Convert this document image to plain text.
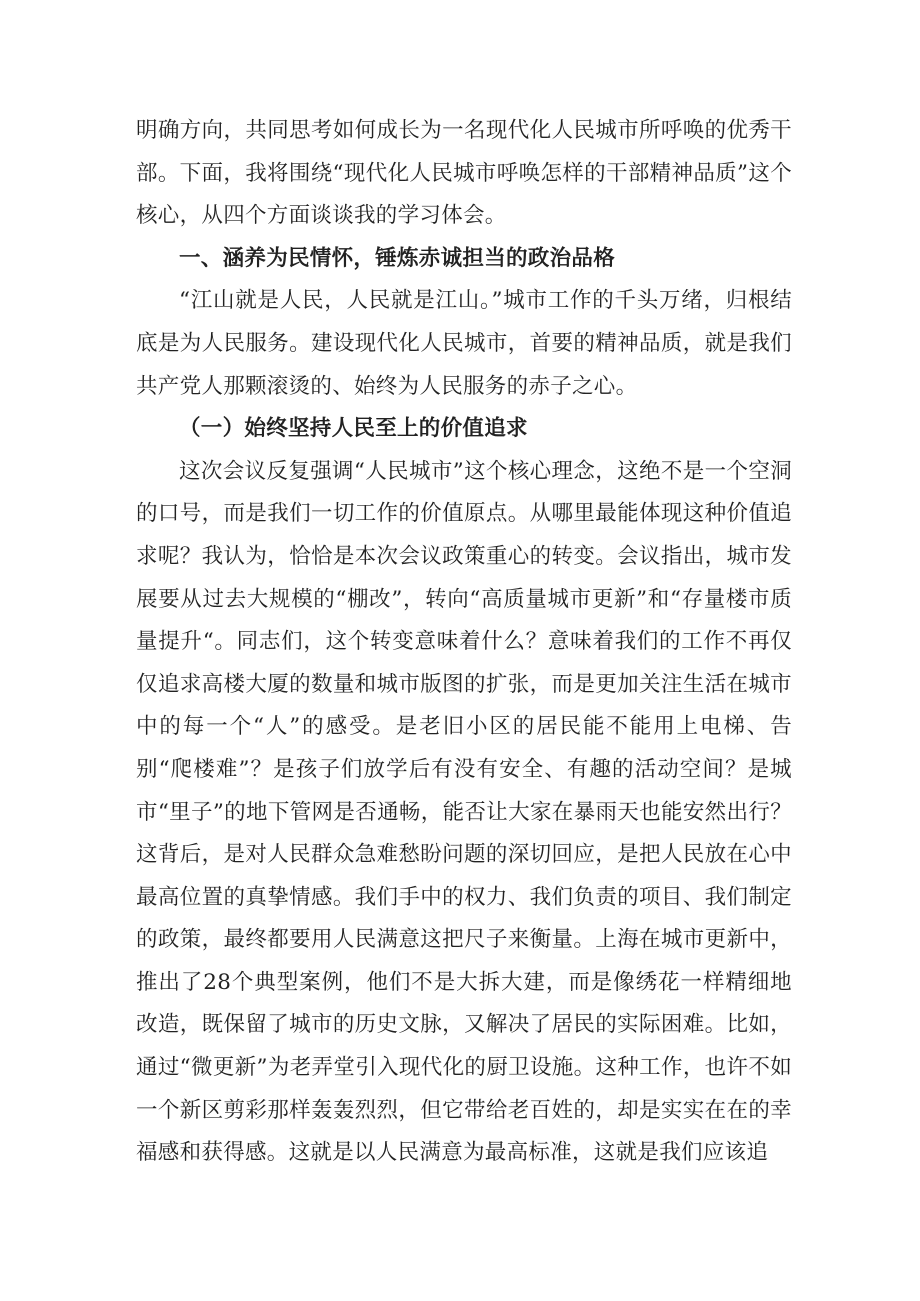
明确方向，共同思考如何成长为一名现代化人民城市所呼唤的优秀干部。下面，我将围绕“现代化人民城市呼唤怎样的干部精神品质”这个核心，从四个方面谈谈我的学习体会。

一、涵养为民情怀，锤炼赤诚担当的政治品格

“江山就是人民，人民就是江山。”城市工作的千头万绪，归根结底是为人民服务。建设现代化人民城市，首要的精神品质，就是我们共产党人那颗滚烫的、始终为人民服务的赤子之心。

（一）始终坚持人民至上的价值追求

这次会议反复强调“人民城市”这个核心理念，这绝不是一个空洞的口号，而是我们一切工作的价值原点。从哪里最能体现这种价值追求呢？我认为，恰恰是本次会议政策重心的转变。会议指出，城市发展要从过去大规模的“棚改”，转向“高质量城市更新”和“存量楼市质量提升“。同志们，这个转变意味着什么？意味着我们的工作不再仅仅追求高楼大厦的数量和城市版图的扩张，而是更加关注生活在城市中的每一个“人”的感受。是老旧小区的居民能不能用上电梯、告别“爬楼难”？是孩子们放学后有没有安全、有趣的活动空间？是城市“里子”的地下管网是否通畅，能否让大家在暴雨天也能安然出行？这背后，是对人民群众急难愁盼问题的深切回应，是把人民放在心中最高位置的真挚情感。我们手中的权力、我们负责的项目、我们制定的政策，最终都要用人民满意这把尺子来衡量。上海在城市更新中，推出了28个典型案例，他们不是大拆大建，而是像绣花一样精细地改造，既保留了城市的历史文脉，又解决了居民的实际困难。比如，通过“微更新”为老弄堂引入现代化的厨卫设施。这种工作，也许不如一个新区剪彩那样轰轰烈烈，但它带给老百姓的，却是实实在在的幸福感和获得感。这就是以人民满意为最高标准，这就是我们应该追
